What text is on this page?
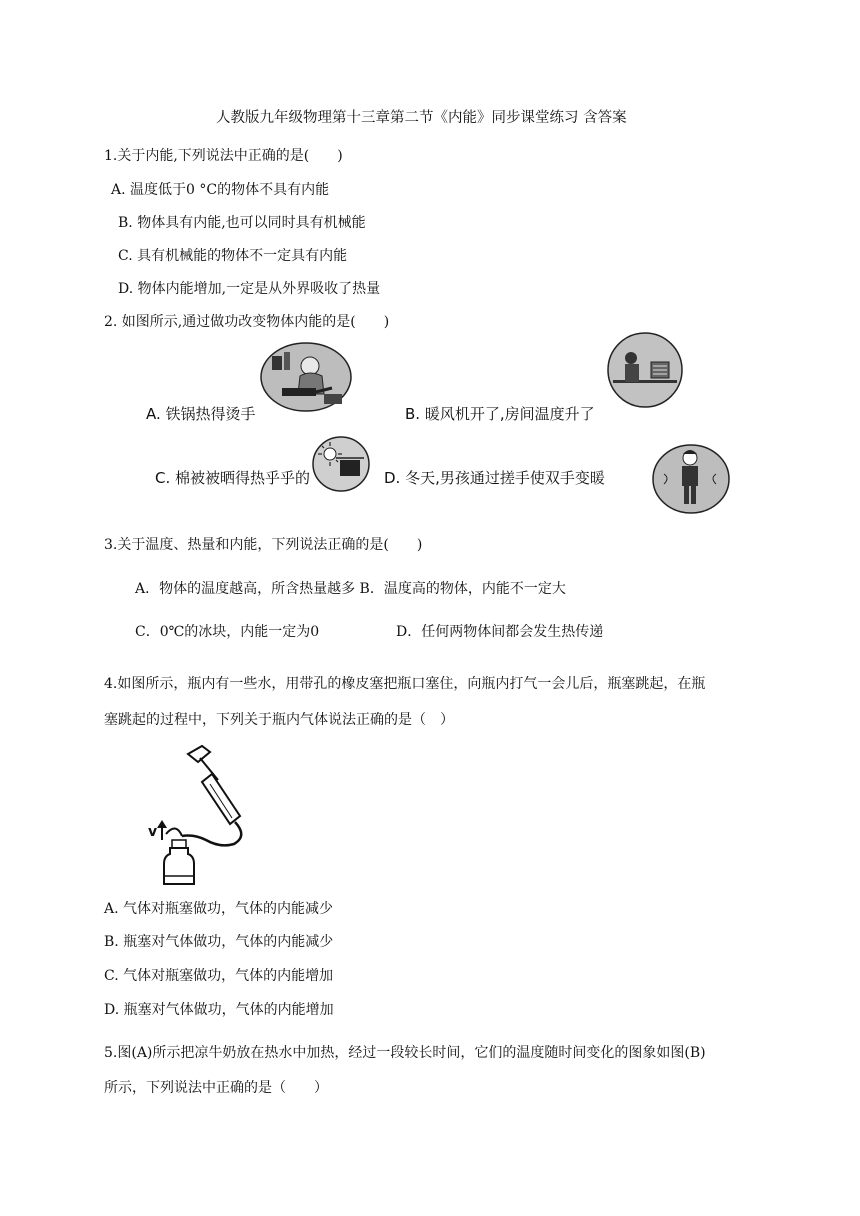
人教版九年级物理第十三章第二节《内能》同步课堂练习 含答案
1.关于内能,下列说法中正确的是(　　)
A. 温度低于0 °C的物体不具有内能
B. 物体具有内能,也可以同时具有机械能
C. 具有机械能的物体不一定具有内能
D. 物体内能增加,一定是从外界吸收了热量
2. 如图所示,通过做功改变物体内能的是(　　)
A. 铁锅热得烫手	B. 暖风机开了,房间温度升了
C. 棉被被晒得热乎乎的	D. 冬天,男孩通过搓手使双手变暖
3.关于温度、热量和内能，下列说法正确的是(　　)
A．物体的温度越高，所含热量越多 B．温度高的物体，内能不一定大
C．0℃的冰块，内能一定为0	D．任何两物体间都会发生热传递
4.如图所示，瓶内有一些水，用带孔的橡皮塞把瓶口塞住，向瓶内打气一会儿后，瓶塞跳起，在瓶
塞跳起的过程中，下列关于瓶内气体说法正确的是（　）
v
A. 气体对瓶塞做功，气体的内能减少
B. 瓶塞对气体做功，气体的内能减少
C. 气体对瓶塞做功，气体的内能增加
D. 瓶塞对气体做功，气体的内能增加
5.图(A)所示把凉牛奶放在热水中加热，经过一段较长时间，它们的温度随时间变化的图象如图(B)
所示，下列说法中正确的是（　　）
